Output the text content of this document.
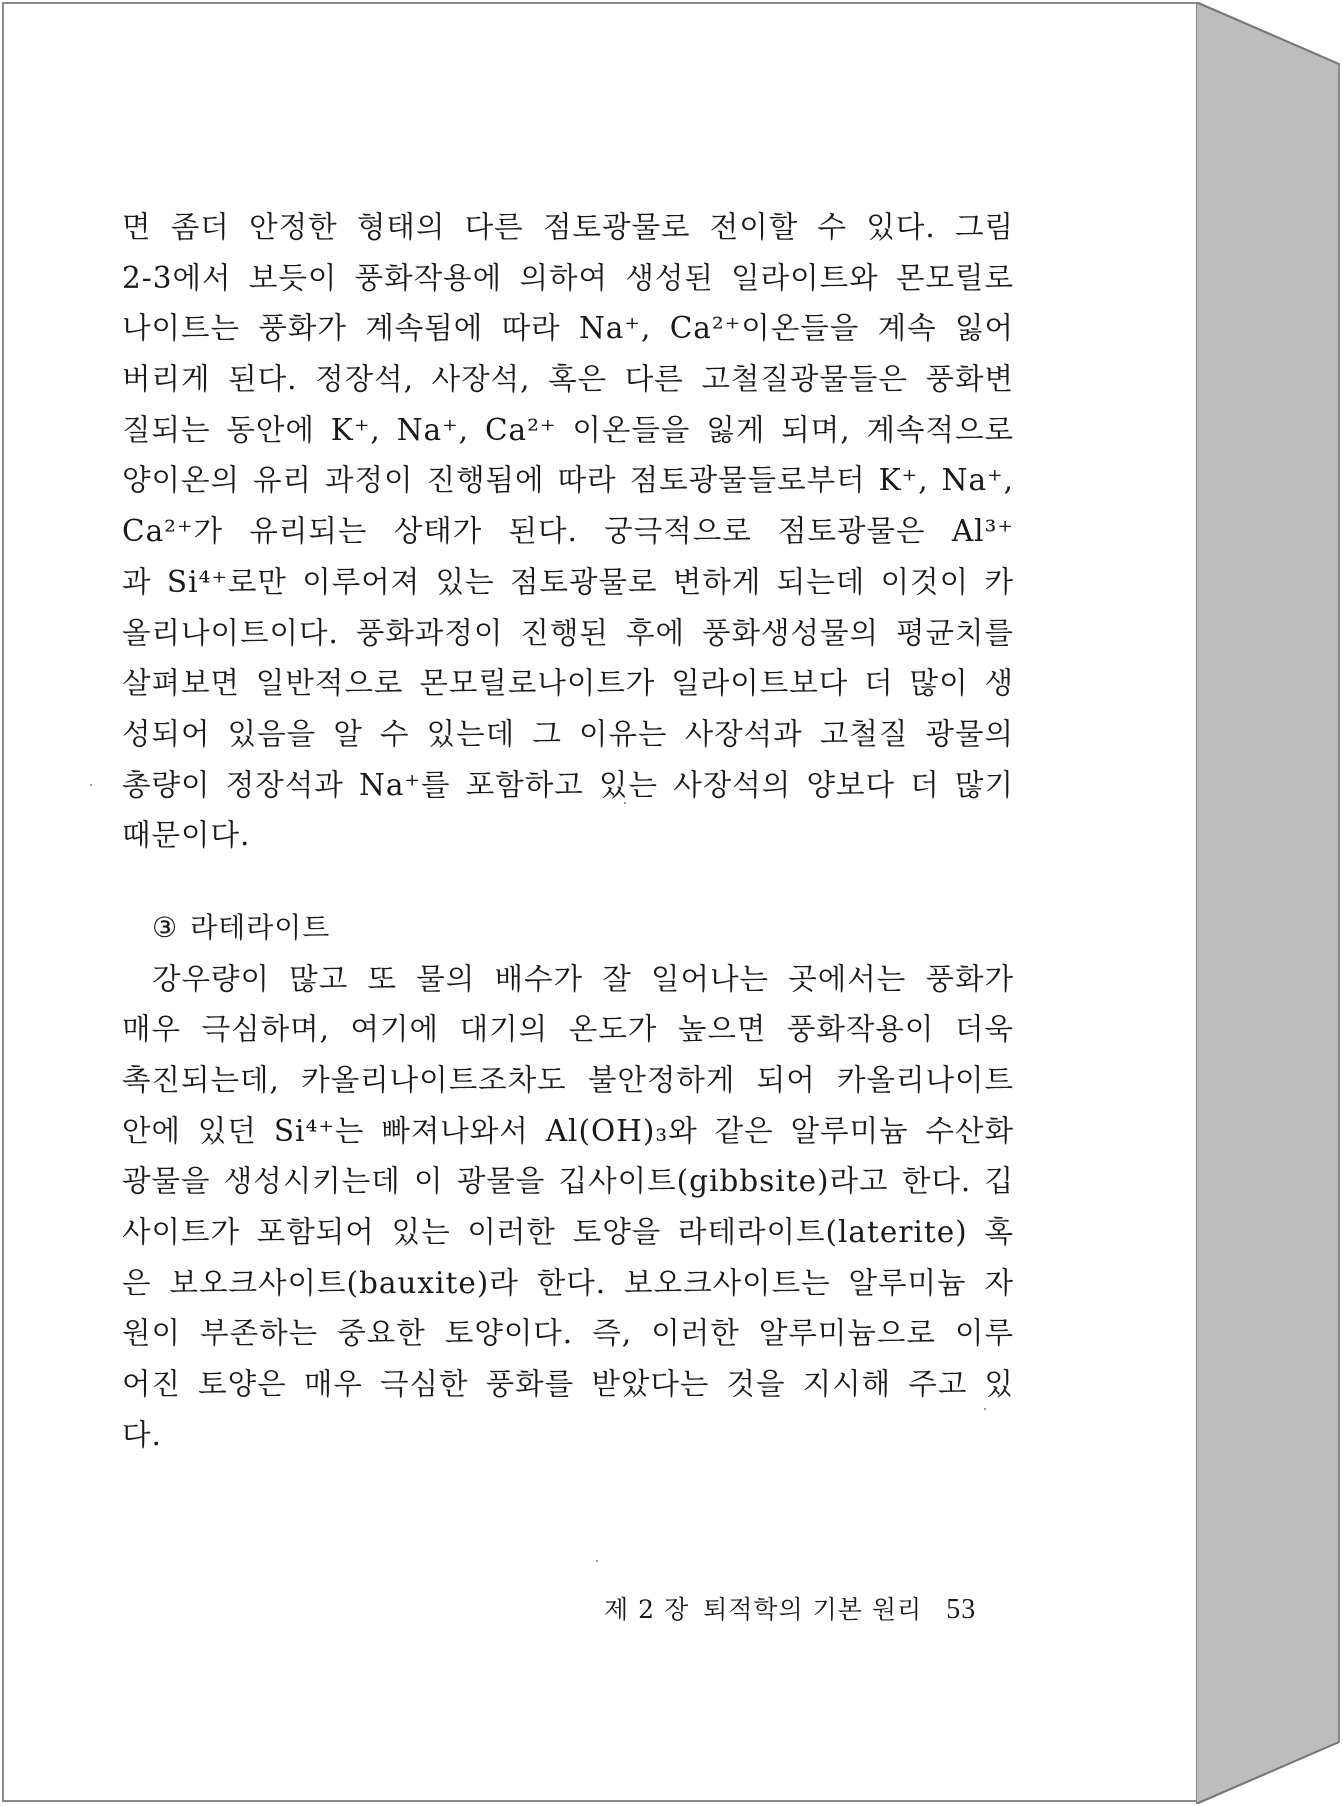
면 좀더 안정한 형태의 다른 점토광물로 전이할 수 있다. 그림
2-3에서 보듯이 풍화작용에 의하여 생성된 일라이트와 몬모릴로
나이트는 풍화가 계속됨에 따라 Na⁺, Ca²⁺이온들을 계속 잃어
버리게 된다. 정장석, 사장석, 혹은 다른 고철질광물들은 풍화변
질되는 동안에 K⁺, Na⁺, Ca²⁺ 이온들을 잃게 되며, 계속적으로
양이온의 유리 과정이 진행됨에 따라 점토광물들로부터 K⁺, Na⁺,
Ca²⁺가 유리되는 상태가 된다. 궁극적으로 점토광물은 Al³⁺
과 Si⁴⁺로만 이루어져 있는 점토광물로 변하게 되는데 이것이 카
올리나이트이다. 풍화과정이 진행된 후에 풍화생성물의 평균치를
살펴보면 일반적으로 몬모릴로나이트가 일라이트보다 더 많이 생
성되어 있음을 알 수 있는데 그 이유는 사장석과 고철질 광물의
총량이 정장석과 Na⁺를 포함하고 있는 사장석의 양보다 더 많기
때문이다.
③ 라테라이트
강우량이 많고 또 물의 배수가 잘 일어나는 곳에서는 풍화가
매우 극심하며, 여기에 대기의 온도가 높으면 풍화작용이 더욱
촉진되는데, 카올리나이트조차도 불안정하게 되어 카올리나이트
안에 있던 Si⁴⁺는 빠져나와서 Al(OH)₃와 같은 알루미늄 수산화
광물을 생성시키는데 이 광물을 깁사이트(gibbsite)라고 한다. 깁
사이트가 포함되어 있는 이러한 토양을 라테라이트(laterite) 혹
은 보오크사이트(bauxite)라 한다. 보오크사이트는 알루미늄 자
원이 부존하는 중요한 토양이다. 즉, 이러한 알루미늄으로 이루
어진 토양은 매우 극심한 풍화를 받았다는 것을 지시해 주고 있
다.
제 2 장 퇴적학의 기본 원리 53
